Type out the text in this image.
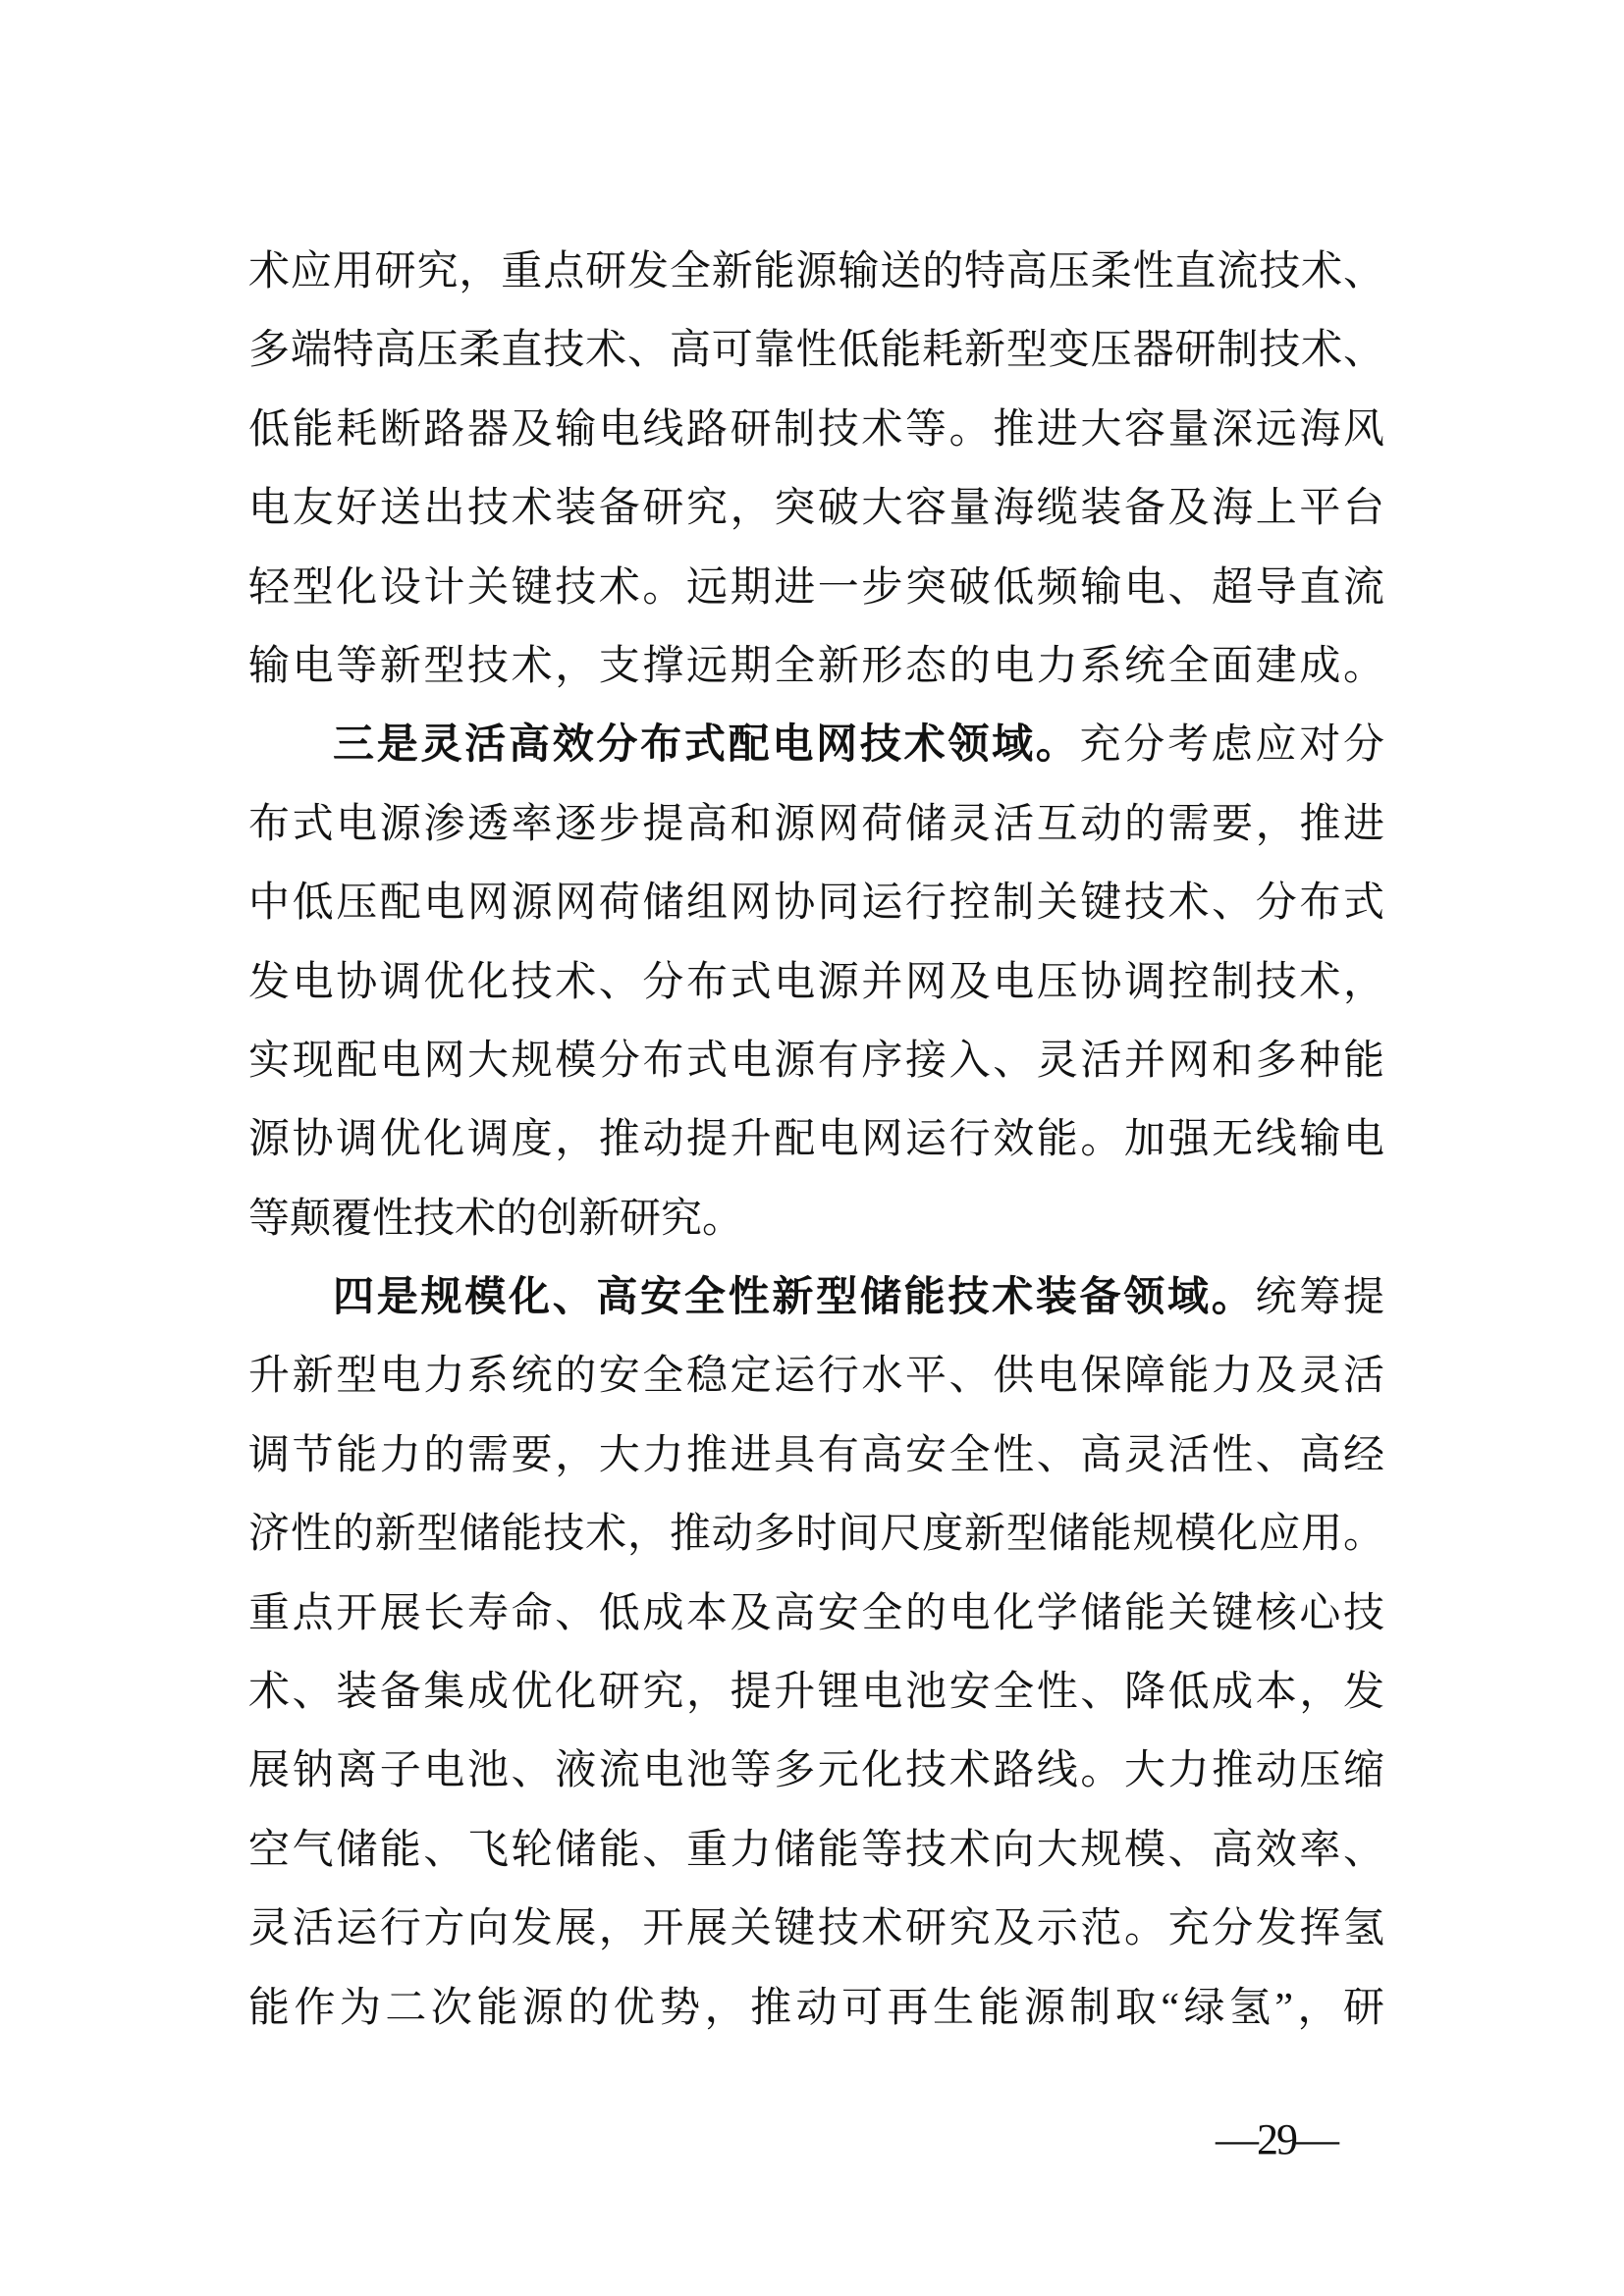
术应用研究，重点研发全新能源输送的特高压柔性直流技术、
多端特高压柔直技术、高可靠性低能耗新型变压器研制技术、
低能耗断路器及输电线路研制技术等。推进大容量深远海风
电友好送出技术装备研究，突破大容量海缆装备及海上平台
轻型化设计关键技术。远期进一步突破低频输电、超导直流
输电等新型技术，支撑远期全新形态的电力系统全面建成。
三是灵活高效分布式配电网技术领域。充分考虑应对分
布式电源渗透率逐步提高和源网荷储灵活互动的需要，推进
中低压配电网源网荷储组网协同运行控制关键技术、分布式
发电协调优化技术、分布式电源并网及电压协调控制技术，
实现配电网大规模分布式电源有序接入、灵活并网和多种能
源协调优化调度，推动提升配电网运行效能。加强无线输电
等颠覆性技术的创新研究。
四是规模化、高安全性新型储能技术装备领域。统筹提
升新型电力系统的安全稳定运行水平、供电保障能力及灵活
调节能力的需要，大力推进具有高安全性、高灵活性、高经
济性的新型储能技术，推动多时间尺度新型储能规模化应用。
重点开展长寿命、低成本及高安全的电化学储能关键核心技
术、装备集成优化研究，提升锂电池安全性、降低成本，发
展钠离子电池、液流电池等多元化技术路线。大力推动压缩
空气储能、飞轮储能、重力储能等技术向大规模、高效率、
灵活运行方向发展，开展关键技术研究及示范。充分发挥氢
能作为二次能源的优势，推动可再生能源制取“绿氢”，研
—29—
